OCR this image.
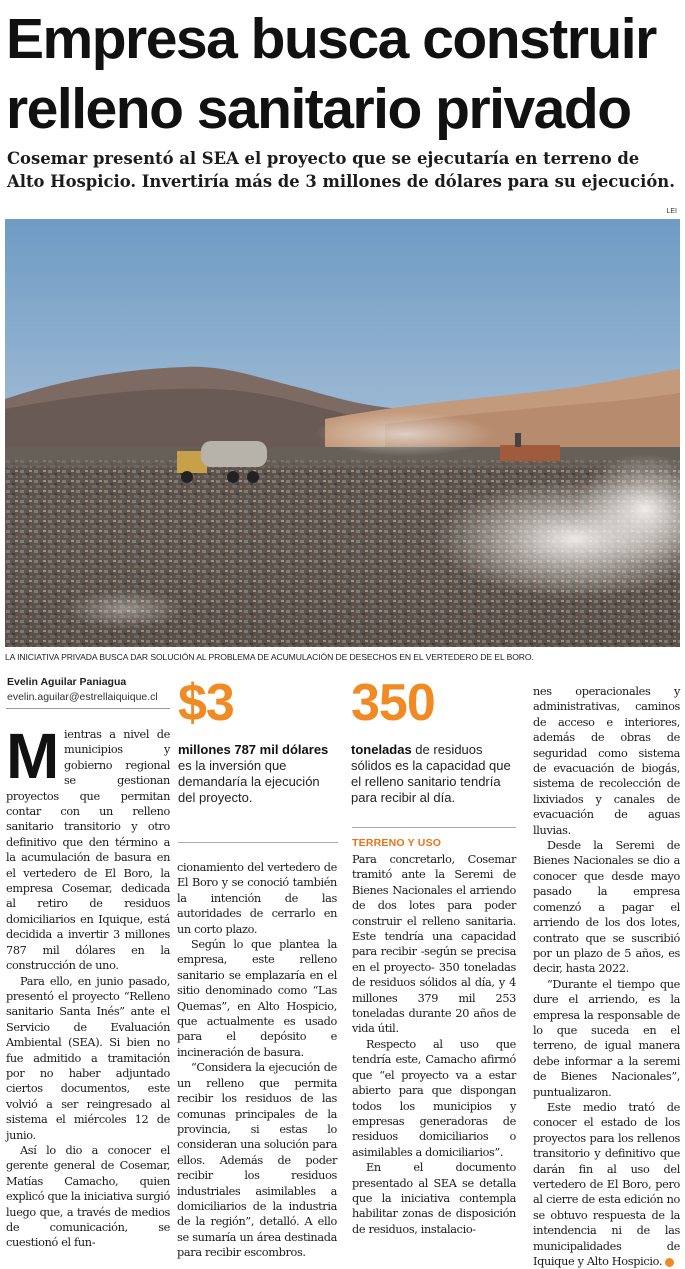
Empresa busca construir
relleno sanitario privado
Cosemar presentó al SEA el proyecto que se ejecutaría en terreno de Alto Hospicio. Invertiría más de 3 millones de dólares para su ejecución.
LEI
LA INICIATIVA PRIVADA BUSCA DAR SOLUCIÓN AL PROBLEMA DE ACUMULACIÓN DE DESECHOS EN EL VERTEDERO DE EL BORO.
Evelin Aguilar Paniagua
evelin.aguilar@estrellaiquique.cl

Mientras a nivel de municipios y gobierno regional se gestionan proyectos que permitan contar con un relleno sanitario transitorio y otro definitivo que den término a la acumulación de basura en el vertedero de El Boro, la empresa Cosemar, dedicada al retiro de residuos domiciliarios en Iquique, está decidida a invertir 3 millones 787 mil dólares en la construcción de uno.

Para ello, en junio pasado, presentó el proyecto “Relleno sanitario Santa Inés” ante el Servicio de Evaluación Ambiental (SEA). Si bien no fue admitido a tramitación por no haber adjuntado ciertos documentos, este volvió a ser reingresado al sistema el miércoles 12 de junio.

Así lo dio a conocer el gerente general de Cosemar, Matías Camacho, quien explicó que la iniciativa surgió luego que, a través de medios de comunicación, se cuestionó el fun-

$3
millones 787 mil dólares es la inversión que demandaría la ejecución del proyecto.

cionamiento del vertedero de El Boro y se conoció también la intención de las autoridades de cerrarlo en un corto plazo.

Según lo que plantea la empresa, este relleno sanitario se emplazaría en el sitio denominado como “Las Quemas”, en Alto Hospicio, que actualmente es usado para el depósito e incineración de basura.

“Considera la ejecución de un relleno que permita recibir los residuos de las comunas principales de la provincia, si estas lo consideran una solución para ellos. Además de poder recibir los residuos industriales asimilables a domiciliarios de la industria de la región”, detalló. A ello se sumaría un área destinada para recibir escombros.

350
toneladas de residuos sólidos es la capacidad que el relleno sanitario tendría para recibir al día.
TERRENO Y USO

Para concretarlo, Cosemar tramitó ante la Seremi de Bienes Nacionales el arriendo de dos lotes para poder construir el relleno sanitaria. Este tendría una capacidad para recibir -según se precisa en el proyecto- 350 toneladas de residuos sólidos al día, y 4 millones 379 mil 253 toneladas durante 20 años de vida útil.

Respecto al uso que tendría este, Camacho afirmó que “el proyecto va a estar abierto para que dispongan todos los municipios y empresas generadoras de residuos domiciliarios o asimilables a domiciliarios”.

En el documento presentado al SEA se detalla que la iniciativa contempla habilitar zonas de disposición de residuos, instalacio-

nes operacionales y administrativas, caminos de acceso e interiores, además de obras de seguridad como sistema de evacuación de biogás, sistema de recolección de lixiviados y canales de evacuación de aguas lluvias.

Desde la Seremi de Bienes Nacionales se dio a conocer que desde mayo pasado la empresa comenzó a pagar el arriendo de los dos lotes, contrato que se suscribió por un plazo de 5 años, es decir, hasta 2022.

“Durante el tiempo que dure el arriendo, es la empresa la responsable de lo que suceda en el terreno, de igual manera debe informar a la seremi de Bienes Nacionales”, puntualizaron.

Este medio trató de conocer el estado de los proyectos para los rellenos transitorio y definitivo que darán fin al uso del vertedero de El Boro, pero al cierre de esta edición no se obtuvo respuesta de la intendencia ni de las municipalidades de Iquique y Alto Hospicio. ✪
